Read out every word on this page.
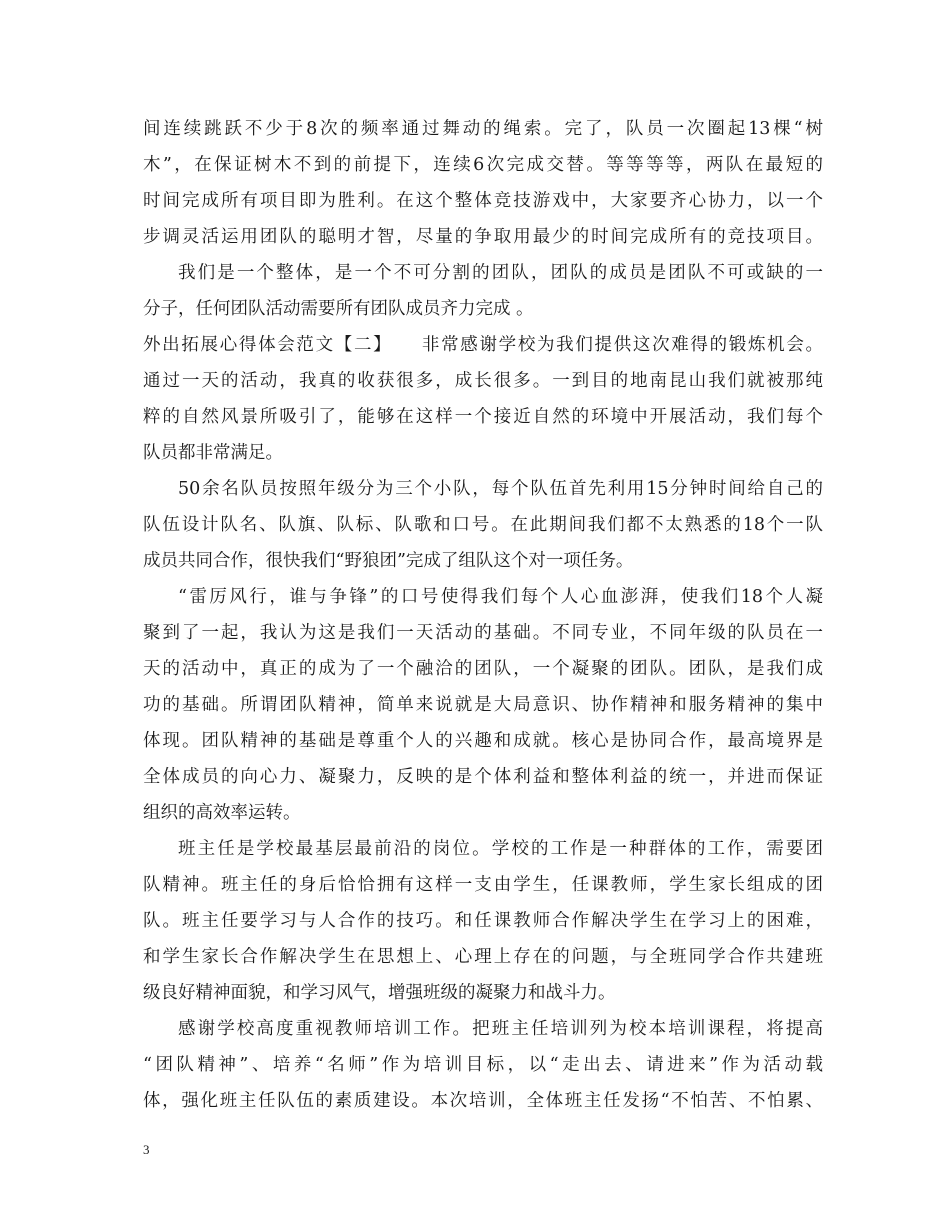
间连续跳跃不少于8次的频率通过舞动的绳索。完了，队员一次圈起13棵“树
木”，在保证树木不到的前提下，连续6次完成交替。等等等等，两队在最短的
时间完成所有项目即为胜利。在这个整体竞技游戏中，大家要齐心协力，以一个
步调灵活运用团队的聪明才智，尽量的争取用最少的时间完成所有的竞技项目。
我们是一个整体，是一个不可分割的团队，团队的成员是团队不可或缺的一
分子，任何团队活动需要所有团队成员齐力完成 。
外出拓展心得体会范文【二】　　非常感谢学校为我们提供这次难得的锻炼机会。
通过一天的活动，我真的收获很多，成长很多。一到目的地南昆山我们就被那纯
粹的自然风景所吸引了，能够在这样一个接近自然的环境中开展活动，我们每个
队员都非常满足。
50余名队员按照年级分为三个小队，每个队伍首先利用15分钟时间给自己的
队伍设计队名、队旗、队标、队歌和口号。在此期间我们都不太熟悉的18个一队
成员共同合作，很快我们“野狼团”完成了组队这个对一项任务。
“雷厉风行，谁与争锋”的口号使得我们每个人心血澎湃，使我们18个人凝
聚到了一起，我认为这是我们一天活动的基础。不同专业，不同年级的队员在一
天的活动中，真正的成为了一个融洽的团队，一个凝聚的团队。团队，是我们成
功的基础。所谓团队精神，简单来说就是大局意识、协作精神和服务精神的集中
体现。团队精神的基础是尊重个人的兴趣和成就。核心是协同合作，最高境界是
全体成员的向心力、凝聚力，反映的是个体利益和整体利益的统一，并进而保证
组织的高效率运转。
班主任是学校最基层最前沿的岗位。学校的工作是一种群体的工作，需要团
队精神。班主任的身后恰恰拥有这样一支由学生，任课教师，学生家长组成的团
队。班主任要学习与人合作的技巧。和任课教师合作解决学生在学习上的困难，
和学生家长合作解决学生在思想上、心理上存在的问题，与全班同学合作共建班
级良好精神面貌，和学习风气，增强班级的凝聚力和战斗力。
感谢学校高度重视教师培训工作。把班主任培训列为校本培训课程，将提高
“团队精神”、培养“名师”作为培训目标，以“走出去、请进来”作为活动载
体，强化班主任队伍的素质建设。本次培训，全体班主任发扬“不怕苦、不怕累、
3
